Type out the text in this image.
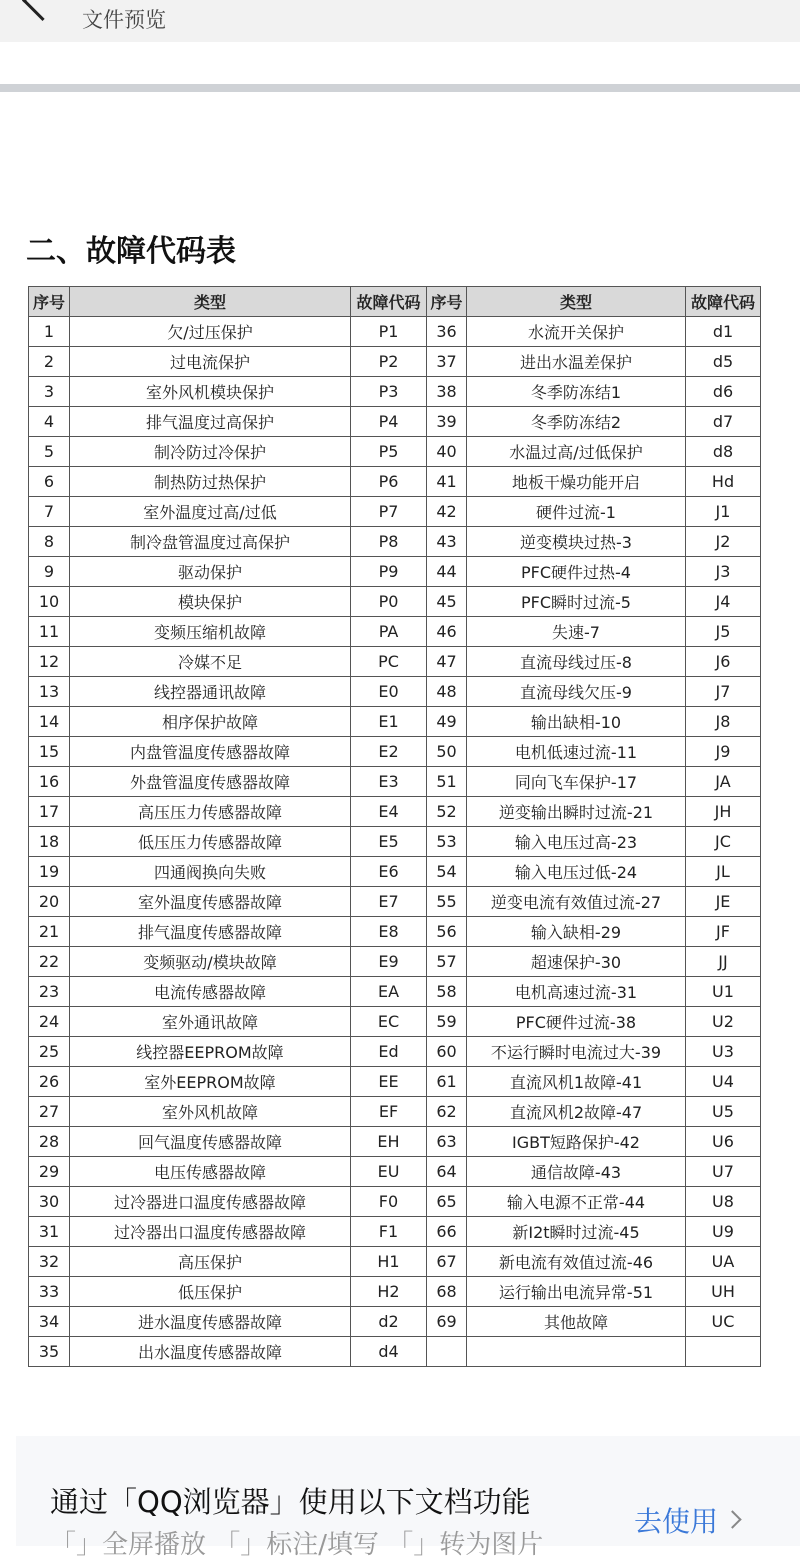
文件预览
二、故障代码表
序号	类型	故障代码	序号	类型	故障代码
1	欠/过压保护	P1	36	水流开关保护	d1
2	过电流保护	P2	37	进出水温差保护	d5
3	室外风机模块保护	P3	38	冬季防冻结1	d6
4	排气温度过高保护	P4	39	冬季防冻结2	d7
5	制冷防过冷保护	P5	40	水温过高/过低保护	d8
6	制热防过热保护	P6	41	地板干燥功能开启	Hd
7	室外温度过高/过低	P7	42	硬件过流-1	J1
8	制冷盘管温度过高保护	P8	43	逆变模块过热-3	J2
9	驱动保护	P9	44	PFC硬件过热-4	J3
10	模块保护	P0	45	PFC瞬时过流-5	J4
11	变频压缩机故障	PA	46	失速-7	J5
12	冷媒不足	PC	47	直流母线过压-8	J6
13	线控器通讯故障	E0	48	直流母线欠压-9	J7
14	相序保护故障	E1	49	输出缺相-10	J8
15	内盘管温度传感器故障	E2	50	电机低速过流-11	J9
16	外盘管温度传感器故障	E3	51	同向飞车保护-17	JA
17	高压压力传感器故障	E4	52	逆变输出瞬时过流-21	JH
18	低压压力传感器故障	E5	53	输入电压过高-23	JC
19	四通阀换向失败	E6	54	输入电压过低-24	JL
20	室外温度传感器故障	E7	55	逆变电流有效值过流-27	JE
21	排气温度传感器故障	E8	56	输入缺相-29	JF
22	变频驱动/模块故障	E9	57	超速保护-30	JJ
23	电流传感器故障	EA	58	电机高速过流-31	U1
24	室外通讯故障	EC	59	PFC硬件过流-38	U2
25	线控器EEPROM故障	Ed	60	不运行瞬时电流过大-39	U3
26	室外EEPROM故障	EE	61	直流风机1故障-41	U4
27	室外风机故障	EF	62	直流风机2故障-47	U5
28	回气温度传感器故障	EH	63	IGBT短路保护-42	U6
29	电压传感器故障	EU	64	通信故障-43	U7
30	过冷器进口温度传感器故障	F0	65	输入电源不正常-44	U8
31	过冷器出口温度传感器故障	F1	66	新I2t瞬时过流-45	U9
32	高压保护	H1	67	新电流有效值过流-46	UA
33	低压保护	H2	68	运行输出电流异常-51	UH
34	进水温度传感器故障	d2	69	其他故障	UC
35	出水温度传感器故障	d4			
通过「QQ浏览器」使用以下文档功能
去使用
「」全屏播放 「」标注/填写 「」转为图片
